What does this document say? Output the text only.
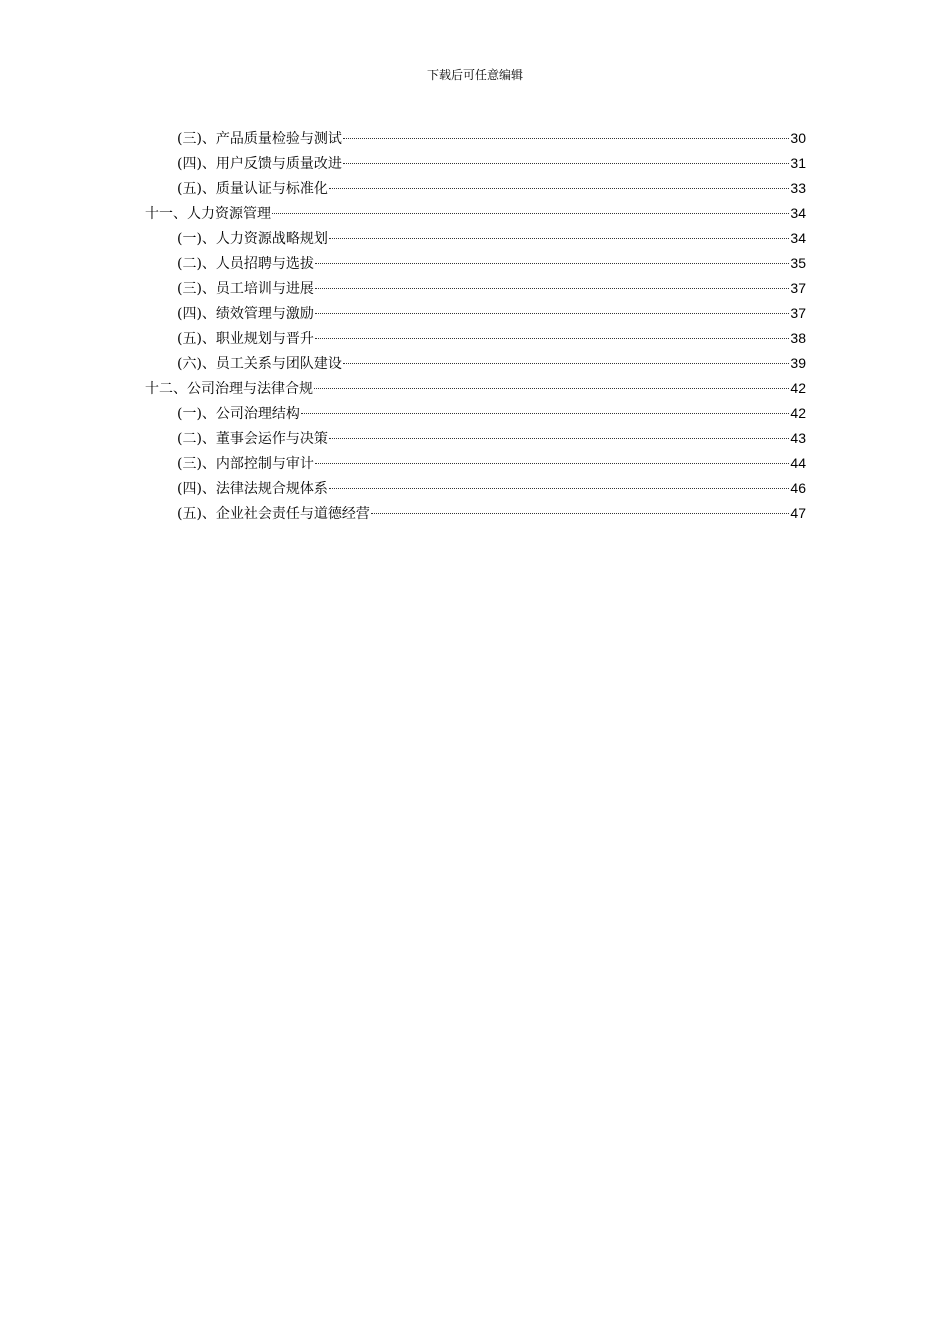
下载后可任意编辑
(三)、产品质量检验与测试	30
(四)、用户反馈与质量改进	31
(五)、质量认证与标准化	33
十一、人力资源管理	34
(一)、人力资源战略规划	34
(二)、人员招聘与选拔	35
(三)、员工培训与进展	37
(四)、绩效管理与激励	37
(五)、职业规划与晋升	38
(六)、员工关系与团队建设	39
十二、公司治理与法律合规	42
(一)、公司治理结构	42
(二)、董事会运作与决策	43
(三)、内部控制与审计	44
(四)、法律法规合规体系	46
(五)、企业社会责任与道德经营	47
